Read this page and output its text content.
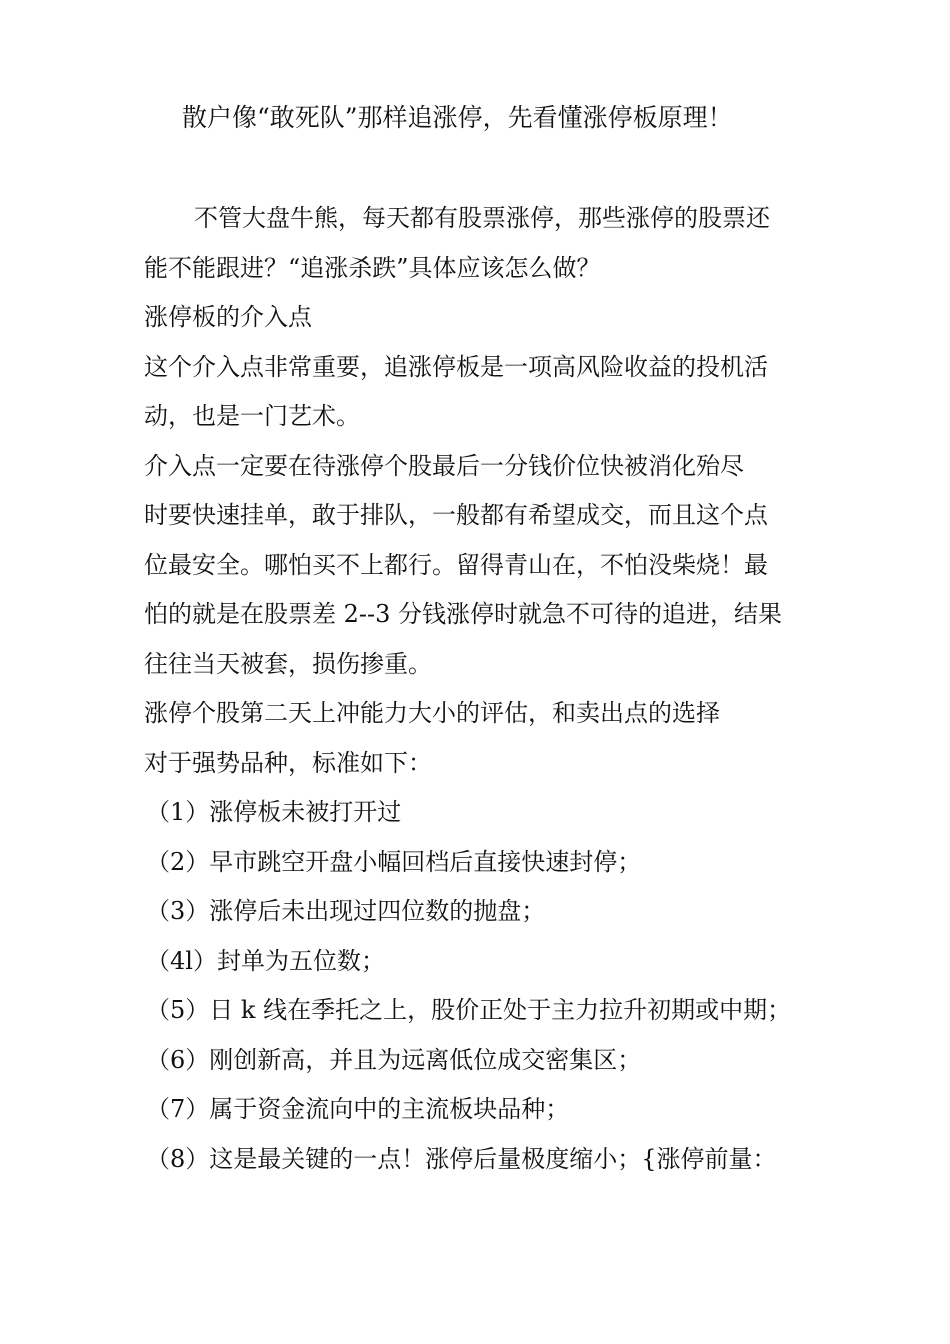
散户像“敢死队”那样追涨停，先看懂涨停板原理！
不管大盘牛熊，每天都有股票涨停，那些涨停的股票还
能不能跟进？“追涨杀跌”具体应该怎么做？
涨停板的介入点
这个介入点非常重要，追涨停板是一项高风险收益的投机活
动，也是一门艺术。
介入点一定要在待涨停个股最后一分钱价位快被消化殆尽
时要快速挂单，敢于排队，一般都有希望成交，而且这个点
位最安全。哪怕买不上都行。留得青山在，不怕没柴烧！最
怕的就是在股票差 2--3 分钱涨停时就急不可待的追进，结果
往往当天被套，损伤掺重。
涨停个股第二天上冲能力大小的评估，和卖出点的选择
对于强势品种，标准如下：
（1）涨停板未被打开过
（2）早市跳空开盘小幅回档后直接快速封停；
（3）涨停后未出现过四位数的抛盘；
（4l）封单为五位数；
（5）日 k 线在季托之上，股价正处于主力拉升初期或中期；
（6）刚创新高，并且为远离低位成交密集区；
（7）属于资金流向中的主流板块品种；
（8）这是最关键的一点！涨停后量极度缩小；{涨停前量：
